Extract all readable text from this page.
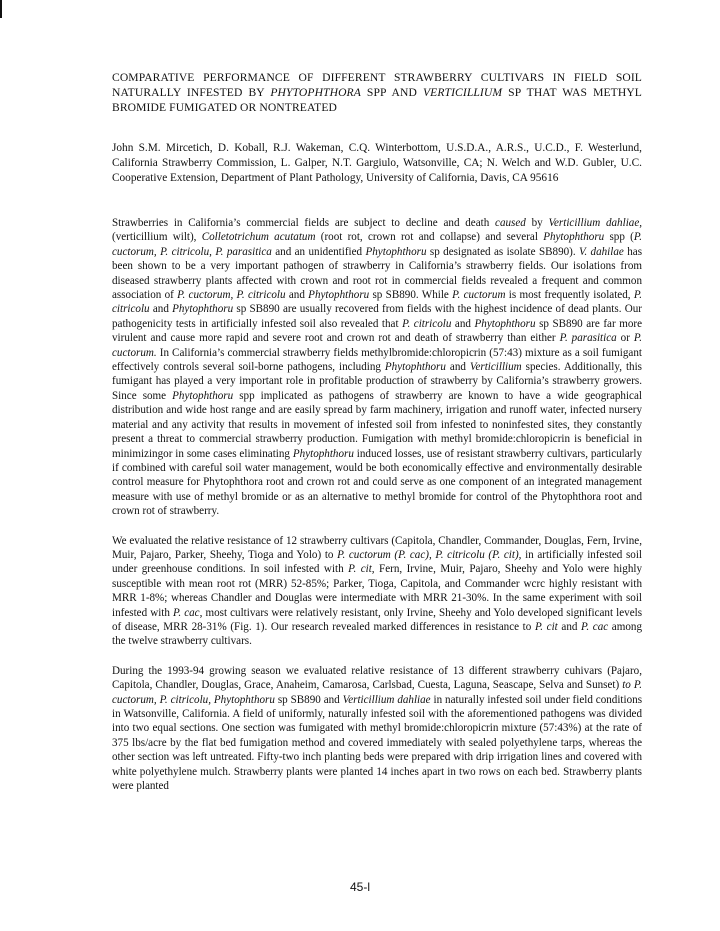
COMPARATIVE PERFORMANCE OF DIFFERENT STRAWBERRY CULTIVARS IN FIELD SOIL NATURALLY INFESTED BY PHYTOPHTHORA SPP AND VERTICILLIUM SP THAT WAS METHYL BROMIDE FUMIGATED OR NONTREATED

John S.M. Mircetich, D. Koball, R.J. Wakeman, C.Q. Winterbottom, U.S.D.A., A.R.S., U.C.D., F. Westerlund, California Strawberry Commission, L. Galper, N.T. Gargiulo, Watsonville, CA; N. Welch and W.D. Gubler, U.C. Cooperative Extension, Department of Plant Pathology, University of California, Davis, CA 95616

Strawberries in California’s commercial fields are subject to decline and death caused by Verticillium dahliae, (verticillium wilt), Colletotrichum acutatum (root rot, crown rot and collapse) and several Phytophthoru spp (P. cuctorum, P. citricolu, P. parasitica and an unidentified Phytophthoru sp designated as isolate SB890). V. dahilae has been shown to be a very important pathogen of strawberry in California’s strawberry fields. Our isolations from diseased strawberry plants affected with crown and root rot in commercial fields revealed a frequent and common association of P. cuctorum, P. citricolu and Phytophthoru sp SB890. While P. cuctorum is most frequently isolated, P. citricolu and Phytophthoru sp SB890 are usually recovered from fields with the highest incidence of dead plants. Our pathogenicity tests in artificially infested soil also revealed that P. citricolu and Phytophthoru sp SB890 are far more virulent and cause more rapid and severe root and crown rot and death of strawberry than either P. parasitica or P. cuctorum. In California’s commercial strawberry fields methylbromide:chloropicrin (57:43) mixture as a soil fumigant effectively controls several soil-borne pathogens, including Phytophthoru and Verticillium species. Additionally, this fumigant has played a very important role in profitable production of strawberry by California’s strawberry growers. Since some Phytophthoru spp implicated as pathogens of strawberry are known to have a wide geographical distribution and wide host range and are easily spread by farm machinery, irrigation and runoff water, infected nursery material and any activity that results in movement of infested soil from infested to noninfested sites, they constantly present a threat to commercial strawberry production. Fumigation with methyl bromide:chloropicrin is beneficial in minimizingor in some cases eliminating Phytophthoru induced losses, use of resistant strawberry cultivars, particularly if combined with careful soil water management, would be both economically effective and environmentally desirable control measure for Phytophthora root and crown rot and could serve as one component of an integrated management measure with use of methyl bromide or as an alternative to methyl bromide for control of the Phytophthora root and crown rot of strawberry.

We evaluated the relative resistance of 12 strawberry cultivars (Capitola, Chandler, Commander, Douglas, Fern, Irvine, Muir, Pajaro, Parker, Sheehy, Tioga and Yolo) to P. cuctorum (P. cac), P. citricolu (P. cit), in artificially infested soil under greenhouse conditions. In soil infested with P. cit, Fern, Irvine, Muir, Pajaro, Sheehy and Yolo were highly susceptible with mean root rot (MRR) 52-85%; Parker, Tioga, Capitola, and Commander wcrc highly resistant with MRR 1-8%; whereas Chandler and Douglas were intermediate with MRR 21-30%. In the same experiment with soil infested with P. cac, most cultivars were relatively resistant, only Irvine, Sheehy and Yolo developed significant levels of disease, MRR 28-31% (Fig. 1). Our research revealed marked differences in resistance to P. cit and P. cac among the twelve strawberry cultivars.

During the 1993-94 growing season we evaluated relative resistance of 13 different strawberry cuhivars (Pajaro, Capitola, Chandler, Douglas, Grace, Anaheim, Camarosa, Carlsbad, Cuesta, Laguna, Seascape, Selva and Sunset) to P. cuctorum, P. citricolu, Phytophthoru sp SB890 and Verticillium dahliae in naturally infested soil under field conditions in Watsonville, California. A field of uniformly, naturally infested soil with the aforementioned pathogens was divided into two equal sections. One section was fumigated with methyl bromide:chloropicrin mixture (57:43%) at the rate of 375 lbs/acre by the flat bed fumigation method and covered immediately with sealed polyethylene tarps, whereas the other section was left untreated. Fifty-two inch planting beds were prepared with drip irrigation lines and covered with white polyethylene mulch. Strawberry plants were planted 14 inches apart in two rows on each bed. Strawberry plants were planted

45-l
